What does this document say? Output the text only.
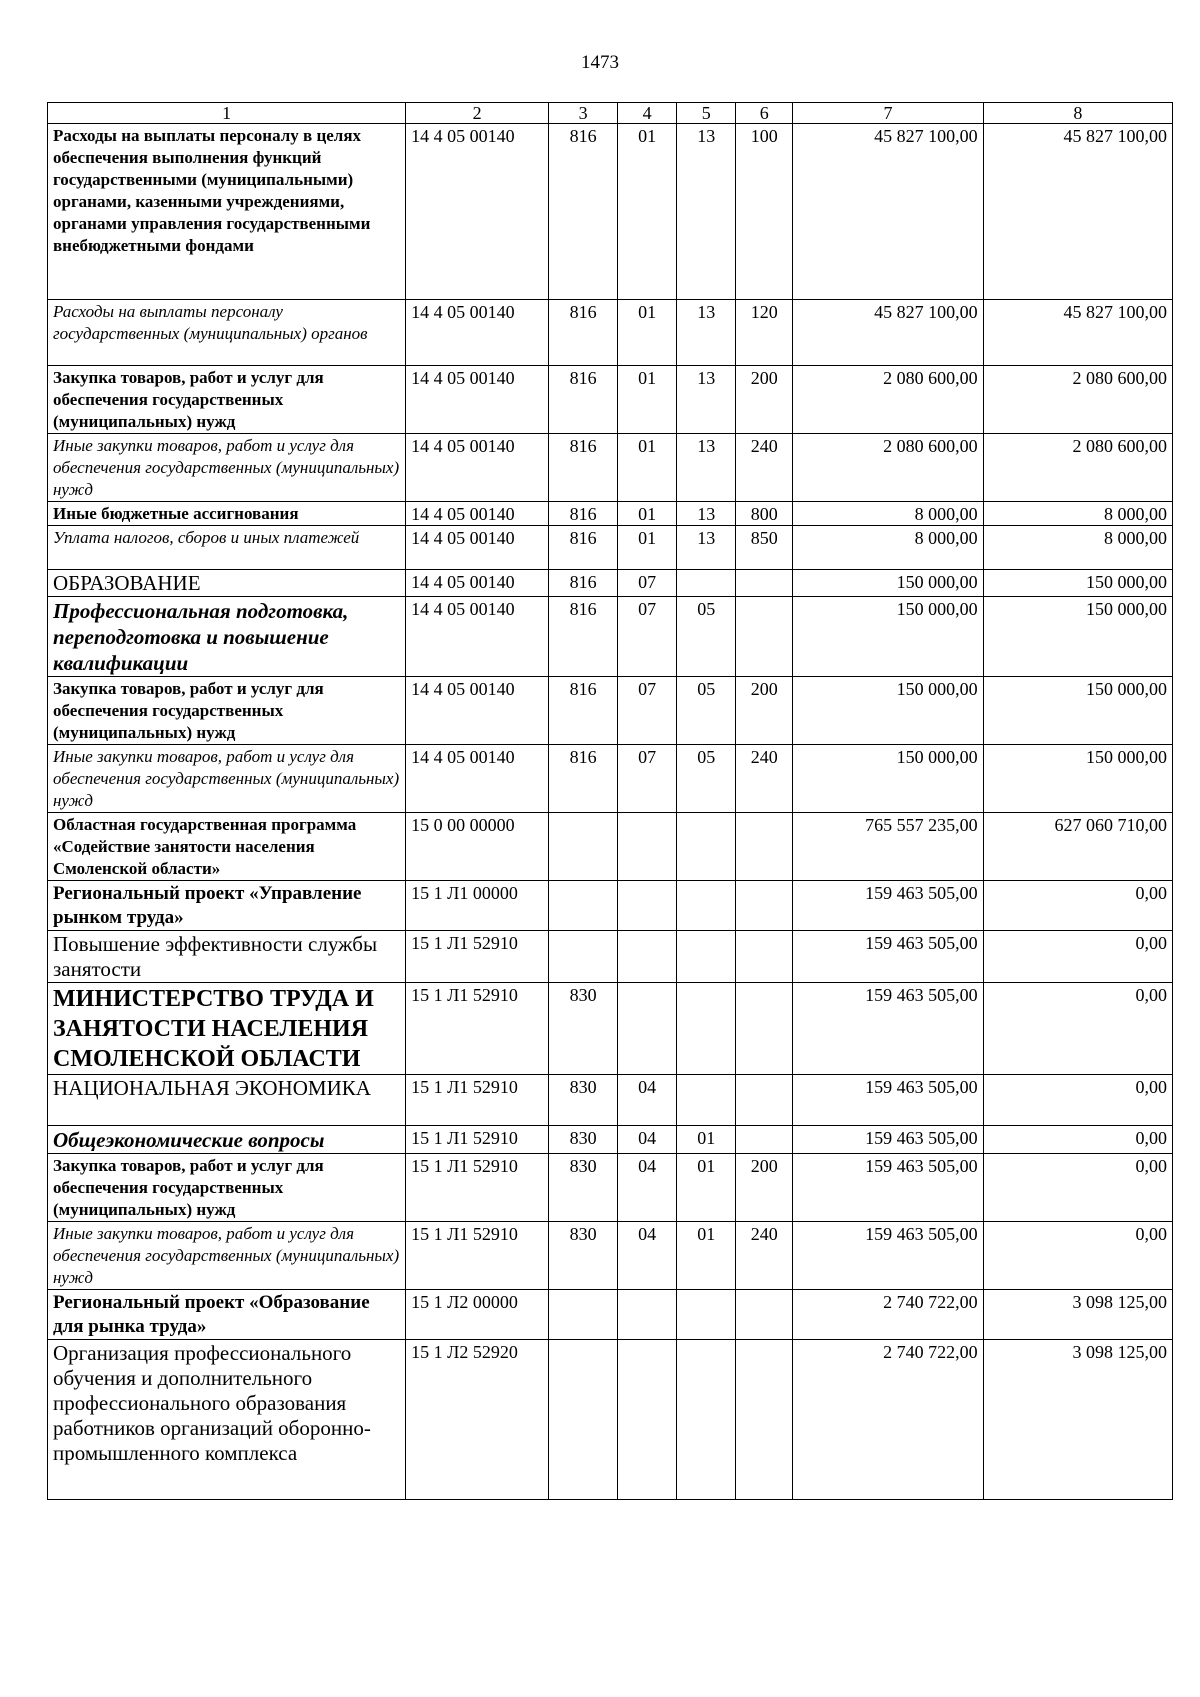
1473
1	2	3	4	5	6	7	8
Расходы на выплаты персоналу в целях обеспечения выполнения функций государственными (муниципальными) органами, казенными учреждениями, органами управления государственными внебюджетными фондами	14 4 05 00140	816	01	13	100	45 827 100,00	45 827 100,00
Расходы на выплаты персоналу государственных (муниципальных) органов	14 4 05 00140	816	01	13	120	45 827 100,00	45 827 100,00
Закупка товаров, работ и услуг для обеспечения государственных (муниципальных) нужд	14 4 05 00140	816	01	13	200	2 080 600,00	2 080 600,00
Иные закупки товаров, работ и услуг для обеспечения государственных (муниципальных) нужд	14 4 05 00140	816	01	13	240	2 080 600,00	2 080 600,00
Иные бюджетные ассигнования	14 4 05 00140	816	01	13	800	8 000,00	8 000,00
Уплата налогов, сборов и иных платежей	14 4 05 00140	816	01	13	850	8 000,00	8 000,00
ОБРАЗОВАНИЕ	14 4 05 00140	816	07			150 000,00	150 000,00
Профессиональная подготовка, переподготовка и повышение квалификации	14 4 05 00140	816	07	05		150 000,00	150 000,00
Закупка товаров, работ и услуг для обеспечения государственных (муниципальных) нужд	14 4 05 00140	816	07	05	200	150 000,00	150 000,00
Иные закупки товаров, работ и услуг для обеспечения государственных (муниципальных) нужд	14 4 05 00140	816	07	05	240	150 000,00	150 000,00
Областная государственная программа «Содействие занятости населения Смоленской области»	15 0 00 00000					765 557 235,00	627 060 710,00
Региональный проект «Управление рынком труда»	15 1 Л1 00000					159 463 505,00	0,00
Повышение эффективности службы занятости	15 1 Л1 52910					159 463 505,00	0,00
МИНИСТЕРСТВО ТРУДА И ЗАНЯТОСТИ НАСЕЛЕНИЯ СМОЛЕНСКОЙ ОБЛАСТИ	15 1 Л1 52910	830				159 463 505,00	0,00
НАЦИОНАЛЬНАЯ ЭКОНОМИКА	15 1 Л1 52910	830	04			159 463 505,00	0,00
Общеэкономические вопросы	15 1 Л1 52910	830	04	01		159 463 505,00	0,00
Закупка товаров, работ и услуг для обеспечения государственных (муниципальных) нужд	15 1 Л1 52910	830	04	01	200	159 463 505,00	0,00
Иные закупки товаров, работ и услуг для обеспечения государственных (муниципальных) нужд	15 1 Л1 52910	830	04	01	240	159 463 505,00	0,00
Региональный проект «Образование для рынка труда»	15 1 Л2 00000					2 740 722,00	3 098 125,00
Организация профессионального обучения и дополнительного профессионального образования работников организаций оборонно-промышленного комплекса	15 1 Л2 52920					2 740 722,00	3 098 125,00
